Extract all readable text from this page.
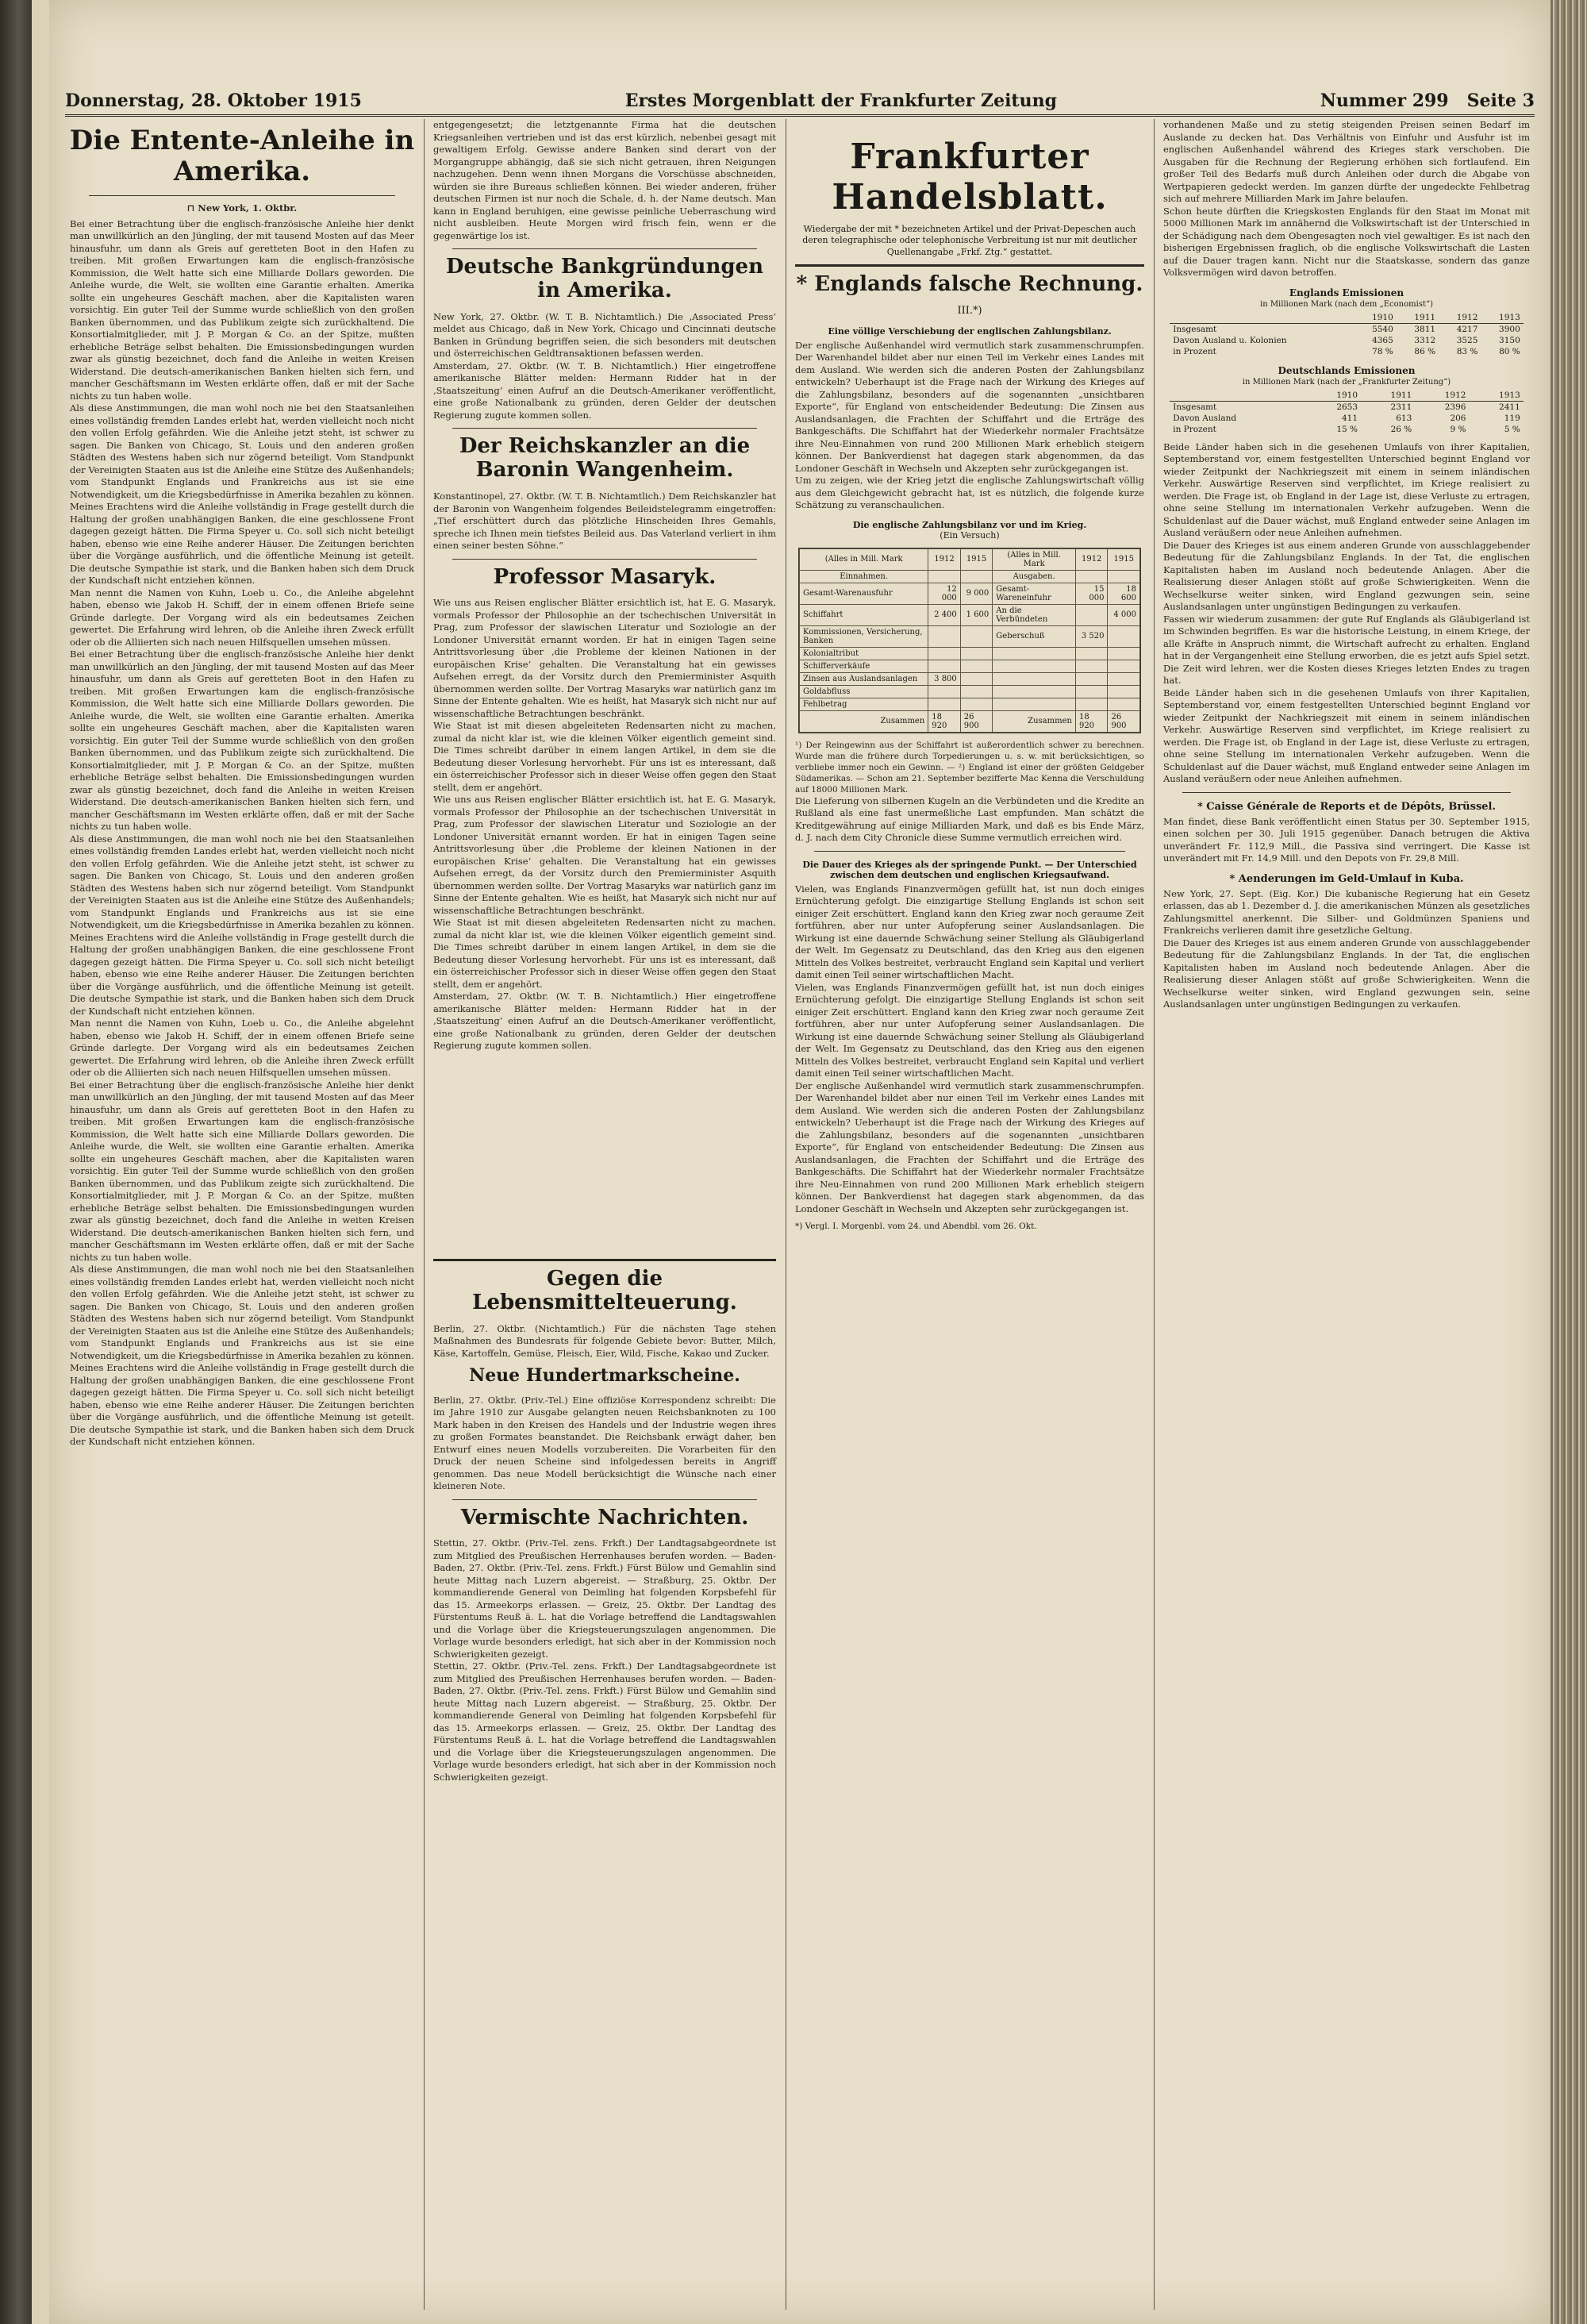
Donnerstag, 28. Oktober 1915	Erstes Morgenblatt der Frankfurter Zeitung	Nummer 299 Seite 3
Die Entente-Anleihe in Amerika.
⊓ New York, 1. Oktbr.

Bei einer Betrachtung über die englisch-französische Anleihe hier denkt man unwillkürlich an den Jüngling, der mit tausend Mosten auf das Meer hinausfuhr, um dann als Greis auf geretteten Boot in den Hafen zu treiben. Mit großen Erwartungen kam die englisch-französische Kommission, die Welt hatte sich eine Milliarde Dollars geworden. Die Anleihe wurde, die Welt, sie wollten eine Garantie erhalten. Amerika sollte ein ungeheures Geschäft machen, aber die Kapitalisten waren vorsichtig. Ein guter Teil der Summe wurde schließlich von den großen Banken übernommen, und das Publikum zeigte sich zurückhaltend. Die Konsortialmitglieder, mit J. P. Morgan & Co. an der Spitze, mußten erhebliche Beträge selbst behalten. Die Emissionsbedingungen wurden zwar als günstig bezeichnet, doch fand die Anleihe in weiten Kreisen Widerstand. Die deutsch-amerikanischen Banken hielten sich fern, und mancher Geschäftsmann im Westen erklärte offen, daß er mit der Sache nichts zu tun haben wolle.

Als diese Anstimmungen, die man wohl noch nie bei den Staatsanleihen eines vollständig fremden Landes erlebt hat, werden vielleicht noch nicht den vollen Erfolg gefährden. Wie die Anleihe jetzt steht, ist schwer zu sagen. Die Banken von Chicago, St. Louis und den anderen großen Städten des Westens haben sich nur zögernd beteiligt. Vom Standpunkt der Vereinigten Staaten aus ist die Anleihe eine Stütze des Außenhandels; vom Standpunkt Englands und Frankreichs aus ist sie eine Notwendigkeit, um die Kriegsbedürfnisse in Amerika bezahlen zu können.

Meines Erachtens wird die Anleihe vollständig in Frage gestellt durch die Haltung der großen unabhängigen Banken, die eine geschlossene Front dagegen gezeigt hätten. Die Firma Speyer u. Co. soll sich nicht beteiligt haben, ebenso wie eine Reihe anderer Häuser. Die Zeitungen berichten über die Vorgänge ausführlich, und die öffentliche Meinung ist geteilt. Die deutsche Sympathie ist stark, und die Banken haben sich dem Druck der Kundschaft nicht entziehen können.

Man nennt die Namen von Kuhn, Loeb u. Co., die Anleihe abgelehnt haben, ebenso wie Jakob H. Schiff, der in einem offenen Briefe seine Gründe darlegte. Der Vorgang wird als ein bedeutsames Zeichen gewertet. Die Erfahrung wird lehren, ob die Anleihe ihren Zweck erfüllt oder ob die Alliierten sich nach neuen Hilfsquellen umsehen müssen.

Bei einer Betrachtung über die englisch-französische Anleihe hier denkt man unwillkürlich an den Jüngling, der mit tausend Mosten auf das Meer hinausfuhr, um dann als Greis auf geretteten Boot in den Hafen zu treiben. Mit großen Erwartungen kam die englisch-französische Kommission, die Welt hatte sich eine Milliarde Dollars geworden. Die Anleihe wurde, die Welt, sie wollten eine Garantie erhalten. Amerika sollte ein ungeheures Geschäft machen, aber die Kapitalisten waren vorsichtig. Ein guter Teil der Summe wurde schließlich von den großen Banken übernommen, und das Publikum zeigte sich zurückhaltend. Die Konsortialmitglieder, mit J. P. Morgan & Co. an der Spitze, mußten erhebliche Beträge selbst behalten. Die Emissionsbedingungen wurden zwar als günstig bezeichnet, doch fand die Anleihe in weiten Kreisen Widerstand. Die deutsch-amerikanischen Banken hielten sich fern, und mancher Geschäftsmann im Westen erklärte offen, daß er mit der Sache nichts zu tun haben wolle.

Als diese Anstimmungen, die man wohl noch nie bei den Staatsanleihen eines vollständig fremden Landes erlebt hat, werden vielleicht noch nicht den vollen Erfolg gefährden. Wie die Anleihe jetzt steht, ist schwer zu sagen. Die Banken von Chicago, St. Louis und den anderen großen Städten des Westens haben sich nur zögernd beteiligt. Vom Standpunkt der Vereinigten Staaten aus ist die Anleihe eine Stütze des Außenhandels; vom Standpunkt Englands und Frankreichs aus ist sie eine Notwendigkeit, um die Kriegsbedürfnisse in Amerika bezahlen zu können.

Meines Erachtens wird die Anleihe vollständig in Frage gestellt durch die Haltung der großen unabhängigen Banken, die eine geschlossene Front dagegen gezeigt hätten. Die Firma Speyer u. Co. soll sich nicht beteiligt haben, ebenso wie eine Reihe anderer Häuser. Die Zeitungen berichten über die Vorgänge ausführlich, und die öffentliche Meinung ist geteilt. Die deutsche Sympathie ist stark, und die Banken haben sich dem Druck der Kundschaft nicht entziehen können.

Man nennt die Namen von Kuhn, Loeb u. Co., die Anleihe abgelehnt haben, ebenso wie Jakob H. Schiff, der in einem offenen Briefe seine Gründe darlegte. Der Vorgang wird als ein bedeutsames Zeichen gewertet. Die Erfahrung wird lehren, ob die Anleihe ihren Zweck erfüllt oder ob die Alliierten sich nach neuen Hilfsquellen umsehen müssen.

Bei einer Betrachtung über die englisch-französische Anleihe hier denkt man unwillkürlich an den Jüngling, der mit tausend Mosten auf das Meer hinausfuhr, um dann als Greis auf geretteten Boot in den Hafen zu treiben. Mit großen Erwartungen kam die englisch-französische Kommission, die Welt hatte sich eine Milliarde Dollars geworden. Die Anleihe wurde, die Welt, sie wollten eine Garantie erhalten. Amerika sollte ein ungeheures Geschäft machen, aber die Kapitalisten waren vorsichtig. Ein guter Teil der Summe wurde schließlich von den großen Banken übernommen, und das Publikum zeigte sich zurückhaltend. Die Konsortialmitglieder, mit J. P. Morgan & Co. an der Spitze, mußten erhebliche Beträge selbst behalten. Die Emissionsbedingungen wurden zwar als günstig bezeichnet, doch fand die Anleihe in weiten Kreisen Widerstand. Die deutsch-amerikanischen Banken hielten sich fern, und mancher Geschäftsmann im Westen erklärte offen, daß er mit der Sache nichts zu tun haben wolle.

Als diese Anstimmungen, die man wohl noch nie bei den Staatsanleihen eines vollständig fremden Landes erlebt hat, werden vielleicht noch nicht den vollen Erfolg gefährden. Wie die Anleihe jetzt steht, ist schwer zu sagen. Die Banken von Chicago, St. Louis und den anderen großen Städten des Westens haben sich nur zögernd beteiligt. Vom Standpunkt der Vereinigten Staaten aus ist die Anleihe eine Stütze des Außenhandels; vom Standpunkt Englands und Frankreichs aus ist sie eine Notwendigkeit, um die Kriegsbedürfnisse in Amerika bezahlen zu können.

Meines Erachtens wird die Anleihe vollständig in Frage gestellt durch die Haltung der großen unabhängigen Banken, die eine geschlossene Front dagegen gezeigt hätten. Die Firma Speyer u. Co. soll sich nicht beteiligt haben, ebenso wie eine Reihe anderer Häuser. Die Zeitungen berichten über die Vorgänge ausführlich, und die öffentliche Meinung ist geteilt. Die deutsche Sympathie ist stark, und die Banken haben sich dem Druck der Kundschaft nicht entziehen können.

entgegengesetzt; die letztgenannte Firma hat die deutschen Kriegsanleihen vertrieben und ist das erst kürzlich, nebenbei gesagt mit gewaltigem Erfolg. Gewisse andere Banken sind derart von der Morgangruppe abhängig, daß sie sich nicht getrauen, ihren Neigungen nachzugehen. Denn wenn ihnen Morgans die Vorschüsse abschneiden, würden sie ihre Bureaus schließen können. Bei wieder anderen, früher deutschen Firmen ist nur noch die Schale, d. h. der Name deutsch. Man kann in England beruhigen, eine gewisse peinliche Ueberraschung wird nicht ausbleiben. Heute Morgen wird frisch fein, wenn er die gegenwärtige los ist.

Deutsche Bankgründungen in Amerika.

New York, 27. Oktbr. (W. T. B. Nichtamtlich.) Die ‚Associated Press‘ meldet aus Chicago, daß in New York, Chicago und Cincinnati deutsche Banken in Gründung begriffen seien, die sich besonders mit deutschen und österreichischen Geldtransaktionen befassen werden.

Amsterdam, 27. Oktbr. (W. T. B. Nichtamtlich.) Hier eingetroffene amerikanische Blätter melden: Hermann Ridder hat in der ‚Staatszeitung‘ einen Aufruf an die Deutsch-Amerikaner veröffentlicht, eine große Nationalbank zu gründen, deren Gelder der deutschen Regierung zugute kommen sollen.

Der Reichskanzler an die Baronin Wangenheim.

Konstantinopel, 27. Oktbr. (W. T. B. Nichtamtlich.) Dem Reichskanzler hat der Baronin von Wangenheim folgendes Beileidstelegramm eingetroffen: „Tief erschüttert durch das plötzliche Hinscheiden Ihres Gemahls, spreche ich Ihnen mein tiefstes Beileid aus. Das Vaterland verliert in ihm einen seiner besten Söhne.“

Professor Masaryk.

Wie uns aus Reisen englischer Blätter ersichtlich ist, hat E. G. Masaryk, vormals Professor der Philosophie an der tschechischen Universität in Prag, zum Professor der slawischen Literatur und Soziologie an der Londoner Universität ernannt worden. Er hat in einigen Tagen seine Antrittsvorlesung über ‚die Probleme der kleinen Nationen in der europäischen Krise‘ gehalten. Die Veranstaltung hat ein gewisses Aufsehen erregt, da der Vorsitz durch den Premierminister Asquith übernommen werden sollte. Der Vortrag Masaryks war natürlich ganz im Sinne der Entente gehalten. Wie es heißt, hat Masaryk sich nicht nur auf wissenschaftliche Betrachtungen beschränkt.

Wie Staat ist mit diesen abgeleiteten Redensarten nicht zu machen, zumal da nicht klar ist, wie die kleinen Völker eigentlich gemeint sind. Die Times schreibt darüber in einem langen Artikel, in dem sie die Bedeutung dieser Vorlesung hervorhebt. Für uns ist es interessant, daß ein österreichischer Professor sich in dieser Weise offen gegen den Staat stellt, dem er angehört.

Wie uns aus Reisen englischer Blätter ersichtlich ist, hat E. G. Masaryk, vormals Professor der Philosophie an der tschechischen Universität in Prag, zum Professor der slawischen Literatur und Soziologie an der Londoner Universität ernannt worden. Er hat in einigen Tagen seine Antrittsvorlesung über ‚die Probleme der kleinen Nationen in der europäischen Krise‘ gehalten. Die Veranstaltung hat ein gewisses Aufsehen erregt, da der Vorsitz durch den Premierminister Asquith übernommen werden sollte. Der Vortrag Masaryks war natürlich ganz im Sinne der Entente gehalten. Wie es heißt, hat Masaryk sich nicht nur auf wissenschaftliche Betrachtungen beschränkt.

Wie Staat ist mit diesen abgeleiteten Redensarten nicht zu machen, zumal da nicht klar ist, wie die kleinen Völker eigentlich gemeint sind. Die Times schreibt darüber in einem langen Artikel, in dem sie die Bedeutung dieser Vorlesung hervorhebt. Für uns ist es interessant, daß ein österreichischer Professor sich in dieser Weise offen gegen den Staat stellt, dem er angehört.

Amsterdam, 27. Oktbr. (W. T. B. Nichtamtlich.) Hier eingetroffene amerikanische Blätter melden: Hermann Ridder hat in der ‚Staatszeitung‘ einen Aufruf an die Deutsch-Amerikaner veröffentlicht, eine große Nationalbank zu gründen, deren Gelder der deutschen Regierung zugute kommen sollen.

Gegen die Lebensmittelteuerung.

Berlin, 27. Oktbr. (Nichtamtlich.) Für die nächsten Tage stehen Maßnahmen des Bundesrats für folgende Gebiete bevor: Butter, Milch, Käse, Kartoffeln, Gemüse, Fleisch, Eier, Wild, Fische, Kakao und Zucker.

Neue Hundertmarkscheine.

Berlin, 27. Oktbr. (Priv.-Tel.) Eine offiziöse Korrespondenz schreibt: Die im Jahre 1910 zur Ausgabe gelangten neuen Reichsbanknoten zu 100 Mark haben in den Kreisen des Handels und der Industrie wegen ihres zu großen Formates beanstandet. Die Reichsbank erwägt daher, ben Entwurf eines neuen Modells vorzubereiten. Die Vorarbeiten für den Druck der neuen Scheine sind infolgedessen bereits in Angriff genommen. Das neue Modell berücksichtigt die Wünsche nach einer kleineren Note.

Vermischte Nachrichten.

Stettin, 27. Oktbr. (Priv.-Tel. zens. Frkft.) Der Landtagsabgeordnete ist zum Mitglied des Preußischen Herrenhauses berufen worden. — Baden-Baden, 27. Oktbr. (Priv.-Tel. zens. Frkft.) Fürst Bülow und Gemahlin sind heute Mittag nach Luzern abgereist. — Straßburg, 25. Oktbr. Der kommandierende General von Deimling hat folgenden Korpsbefehl für das 15. Armeekorps erlassen. — Greiz, 25. Oktbr. Der Landtag des Fürstentums Reuß ä. L. hat die Vorlage betreffend die Landtagswahlen und die Vorlage über die Kriegsteuerungszulagen angenommen. Die Vorlage wurde besonders erledigt, hat sich aber in der Kommission noch Schwierigkeiten gezeigt.

Stettin, 27. Oktbr. (Priv.-Tel. zens. Frkft.) Der Landtagsabgeordnete ist zum Mitglied des Preußischen Herrenhauses berufen worden. — Baden-Baden, 27. Oktbr. (Priv.-Tel. zens. Frkft.) Fürst Bülow und Gemahlin sind heute Mittag nach Luzern abgereist. — Straßburg, 25. Oktbr. Der kommandierende General von Deimling hat folgenden Korpsbefehl für das 15. Armeekorps erlassen. — Greiz, 25. Oktbr. Der Landtag des Fürstentums Reuß ä. L. hat die Vorlage betreffend die Landtagswahlen und die Vorlage über die Kriegsteuerungszulagen angenommen. Die Vorlage wurde besonders erledigt, hat sich aber in der Kommission noch Schwierigkeiten gezeigt.

Frankfurter Handelsblatt.
Wiedergabe der mit * bezeichneten Artikel und der Privat-Depeschen auch deren telegraphische oder telephonische Verbreitung ist nur mit deutlicher Quellenangabe „Frkf. Ztg.“ gestattet.
* Englands falsche Rechnung.
III.*)
Eine völlige Verschiebung der englischen Zahlungsbilanz.

Der englische Außenhandel wird vermutlich stark zusammenschrumpfen. Der Warenhandel bildet aber nur einen Teil im Verkehr eines Landes mit dem Ausland. Wie werden sich die anderen Posten der Zahlungsbilanz entwickeln? Ueberhaupt ist die Frage nach der Wirkung des Krieges auf die Zahlungsbilanz, besonders auf die sogenannten „unsichtbaren Exporte“, für England von entscheidender Bedeutung: Die Zinsen aus Auslandsanlagen, die Frachten der Schiffahrt und die Erträge des Bankgeschäfts. Die Schiffahrt hat der Wiederkehr normaler Frachtsätze ihre Neu-Einnahmen von rund 200 Millionen Mark erheblich steigern können. Der Bankverdienst hat dagegen stark abgenommen, da das Londoner Geschäft in Wechseln und Akzepten sehr zurückgegangen ist.

Um zu zeigen, wie der Krieg jetzt die englische Zahlungswirtschaft völlig aus dem Gleichgewicht gebracht hat, ist es nützlich, die folgende kurze Schätzung zu veranschaulichen.

Die englische Zahlungsbilanz vor und im Krieg.
(Ein Versuch)
(Alles in Mill. Mark	1912	1915	(Alles in Mill. Mark	1912	1915
Einnahmen.			Ausgaben.		
Gesamt-Warenausfuhr	12 000	9 000	Gesamt-Wareneinfuhr	15 000	18 600
Schiffahrt	2 400	1 600	An die Verbündeten		4 000
Kommissionen, Versicherung, Banken			Geberschuß	3 520	
Kolonialtribut					
Schifferverkäufe					
Zinsen aus Auslandsanlagen	3 800				
Goldabfluss					
Fehlbetrag					
Zusammen	18 920	26 900	Zusammen	18 920	26 900

¹) Der Reingewinn aus der Schiffahrt ist außerordentlich schwer zu berechnen. Wurde man die frühere durch Torpedierungen u. s. w. mit berücksichtigen, so verbliebe immer noch ein Gewinn. — ²) England ist einer der größten Geldgeber Südamerikas. — Schon am 21. September bezifferte Mac Kenna die Verschuldung auf 18000 Millionen Mark.

Die Lieferung von silbernen Kugeln an die Verbündeten und die Kredite an Rußland als eine fast unermeßliche Last empfunden. Man schätzt die Kreditgewährung auf einige Milliarden Mark, und daß es bis Ende März, d. J. nach dem City Chronicle diese Summe vermutlich erreichen wird.

Die Dauer des Krieges als der springende Punkt. — Der Unterschied zwischen dem deutschen und englischen Kriegsaufwand.

Vielen, was Englands Finanzvermögen gefüllt hat, ist nun doch einiges Ernüchterung gefolgt. Die einzigartige Stellung Englands ist schon seit einiger Zeit erschüttert. England kann den Krieg zwar noch geraume Zeit fortführen, aber nur unter Aufopferung seiner Auslandsanlagen. Die Wirkung ist eine dauernde Schwächung seiner Stellung als Gläubigerland der Welt. Im Gegensatz zu Deutschland, das den Krieg aus den eigenen Mitteln des Volkes bestreitet, verbraucht England sein Kapital und verliert damit einen Teil seiner wirtschaftlichen Macht.

Vielen, was Englands Finanzvermögen gefüllt hat, ist nun doch einiges Ernüchterung gefolgt. Die einzigartige Stellung Englands ist schon seit einiger Zeit erschüttert. England kann den Krieg zwar noch geraume Zeit fortführen, aber nur unter Aufopferung seiner Auslandsanlagen. Die Wirkung ist eine dauernde Schwächung seiner Stellung als Gläubigerland der Welt. Im Gegensatz zu Deutschland, das den Krieg aus den eigenen Mitteln des Volkes bestreitet, verbraucht England sein Kapital und verliert damit einen Teil seiner wirtschaftlichen Macht.

Der englische Außenhandel wird vermutlich stark zusammenschrumpfen. Der Warenhandel bildet aber nur einen Teil im Verkehr eines Landes mit dem Ausland. Wie werden sich die anderen Posten der Zahlungsbilanz entwickeln? Ueberhaupt ist die Frage nach der Wirkung des Krieges auf die Zahlungsbilanz, besonders auf die sogenannten „unsichtbaren Exporte“, für England von entscheidender Bedeutung: Die Zinsen aus Auslandsanlagen, die Frachten der Schiffahrt und die Erträge des Bankgeschäfts. Die Schiffahrt hat der Wiederkehr normaler Frachtsätze ihre Neu-Einnahmen von rund 200 Millionen Mark erheblich steigern können. Der Bankverdienst hat dagegen stark abgenommen, da das Londoner Geschäft in Wechseln und Akzepten sehr zurückgegangen ist.

*) Vergl. I. Morgenbl. vom 24. und Abendbl. vom 26. Okt.

vorhandenen Maße und zu stetig steigenden Preisen seinen Bedarf im Auslande zu decken hat. Das Verhältnis von Einfuhr und Ausfuhr ist im englischen Außenhandel während des Krieges stark verschoben. Die Ausgaben für die Rechnung der Regierung erhöhen sich fortlaufend. Ein großer Teil des Bedarfs muß durch Anleihen oder durch die Abgabe von Wertpapieren gedeckt werden. Im ganzen dürfte der ungedeckte Fehlbetrag sich auf mehrere Milliarden Mark im Jahre belaufen.

Schon heute dürften die Kriegskosten Englands für den Staat im Monat mit 5000 Millionen Mark im annähernd die Volkswirtschaft ist der Unterschied in der Schädigung nach dem Obengesagten noch viel gewaltiger. Es ist nach den bisherigen Ergebnissen fraglich, ob die englische Volkswirtschaft die Lasten auf die Dauer tragen kann. Nicht nur die Staatskasse, sondern das ganze Volksvermögen wird davon betroffen.

Englands Emissionen
in Millionen Mark (nach dem „Economist“)
	1910	1911	1912	1913
Insgesamt	5540	3811	4217	3900
Davon Ausland u. Kolonien	4365	3312	3525	3150
in Prozent	78 %	86 %	83 %	80 %
Deutschlands Emissionen
in Millionen Mark (nach der „Frankfurter Zeitung“)
	1910	1911	1912	1913
Insgesamt	2653	2311	2396	2411
Davon Ausland	411	613	206	119
in Prozent	15 %	26 %	9 %	5 %

Beide Länder haben sich in die gesehenen Umlaufs von ihrer Kapitalien, Septemberstand vor, einem festgestellten Unterschied beginnt England vor wieder Zeitpunkt der Nachkriegszeit mit einem in seinem inländischen Verkehr. Auswärtige Reserven sind verpflichtet, im Kriege realisiert zu werden. Die Frage ist, ob England in der Lage ist, diese Verluste zu ertragen, ohne seine Stellung im internationalen Verkehr aufzugeben. Wenn die Schuldenlast auf die Dauer wächst, muß England entweder seine Anlagen im Ausland veräußern oder neue Anleihen aufnehmen.

Die Dauer des Krieges ist aus einem anderen Grunde von ausschlaggebender Bedeutung für die Zahlungsbilanz Englands. In der Tat, die englischen Kapitalisten haben im Ausland noch bedeutende Anlagen. Aber die Realisierung dieser Anlagen stößt auf große Schwierigkeiten. Wenn die Wechselkurse weiter sinken, wird England gezwungen sein, seine Auslandsanlagen unter ungünstigen Bedingungen zu verkaufen.

Fassen wir wiederum zusammen: der gute Ruf Englands als Gläubigerland ist im Schwinden begriffen. Es war die historische Leistung, in einem Kriege, der alle Kräfte in Anspruch nimmt, die Wirtschaft aufrecht zu erhalten. England hat in der Vergangenheit eine Stellung erworben, die es jetzt aufs Spiel setzt. Die Zeit wird lehren, wer die Kosten dieses Krieges letzten Endes zu tragen hat.

Beide Länder haben sich in die gesehenen Umlaufs von ihrer Kapitalien, Septemberstand vor, einem festgestellten Unterschied beginnt England vor wieder Zeitpunkt der Nachkriegszeit mit einem in seinem inländischen Verkehr. Auswärtige Reserven sind verpflichtet, im Kriege realisiert zu werden. Die Frage ist, ob England in der Lage ist, diese Verluste zu ertragen, ohne seine Stellung im internationalen Verkehr aufzugeben. Wenn die Schuldenlast auf die Dauer wächst, muß England entweder seine Anlagen im Ausland veräußern oder neue Anleihen aufnehmen.

* Caisse Générale de Reports et de Dépôts, Brüssel.

Man findet, diese Bank veröffentlicht einen Status per 30. September 1915, einen solchen per 30. Juli 1915 gegenüber. Danach betrugen die Aktiva unverändert Fr. 112,9 Mill., die Passiva sind verringert. Die Kasse ist unverändert mit Fr. 14,9 Mill. und den Depots von Fr. 29,8 Mill.

* Aenderungen im Geld-Umlauf in Kuba.

New York, 27. Sept. (Eig. Kor.) Die kubanische Regierung hat ein Gesetz erlassen, das ab 1. Dezember d. J. die amerikanischen Münzen als gesetzliches Zahlungsmittel anerkennt. Die Silber- und Goldmünzen Spaniens und Frankreichs verlieren damit ihre gesetzliche Geltung.

Die Dauer des Krieges ist aus einem anderen Grunde von ausschlaggebender Bedeutung für die Zahlungsbilanz Englands. In der Tat, die englischen Kapitalisten haben im Ausland noch bedeutende Anlagen. Aber die Realisierung dieser Anlagen stößt auf große Schwierigkeiten. Wenn die Wechselkurse weiter sinken, wird England gezwungen sein, seine Auslandsanlagen unter ungünstigen Bedingungen zu verkaufen.
